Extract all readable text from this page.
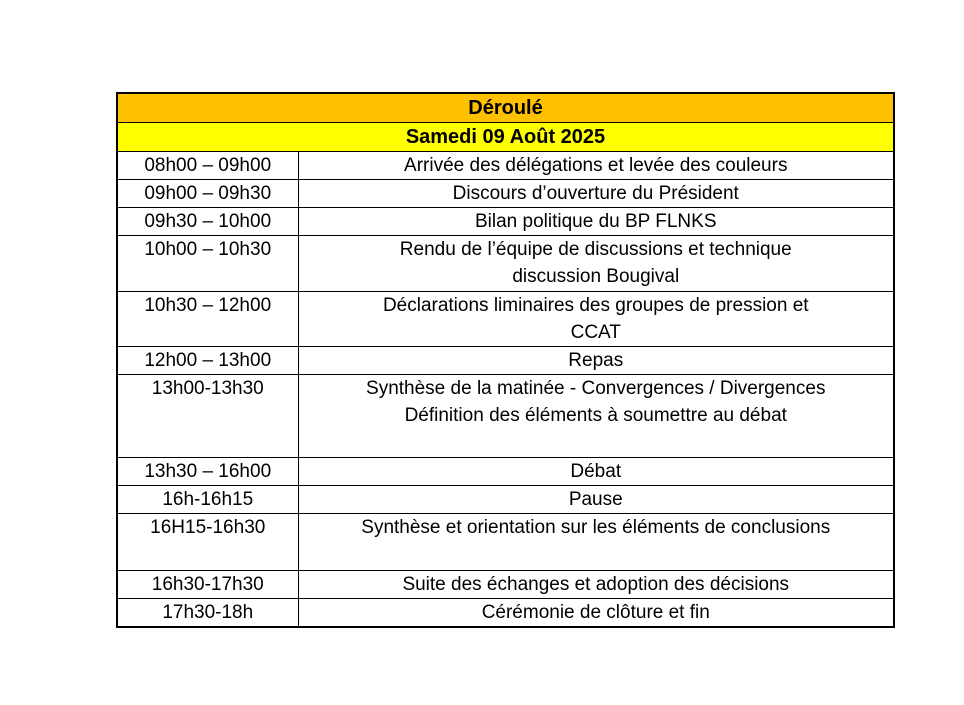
Déroulé	
Samedi 09 Août 2025	
08h00 – 09h00	Arrivée des délégations et levée des couleurs
09h00 – 09h30	Discours d’ouverture du Président
09h30 – 10h00	Bilan politique du BP FLNKS
10h00 – 10h30	Rendu de l’équipe de discussions et technique
discussion Bougival

10h30 – 12h00	Déclarations liminaires des groupes de pression et
CCAT

12h00 – 13h00	Repas
13h00-13h30	Synthèse de la matinée - Convergences / Divergences
Définition des éléments à soumettre au débat

13h30 – 16h00	Débat
16h-16h15	Pause
16H15-16h30	Synthèse et orientation sur les éléments de conclusions
16h30-17h30	Suite des échanges et adoption des décisions
17h30-18h	Cérémonie de clôture et fin
